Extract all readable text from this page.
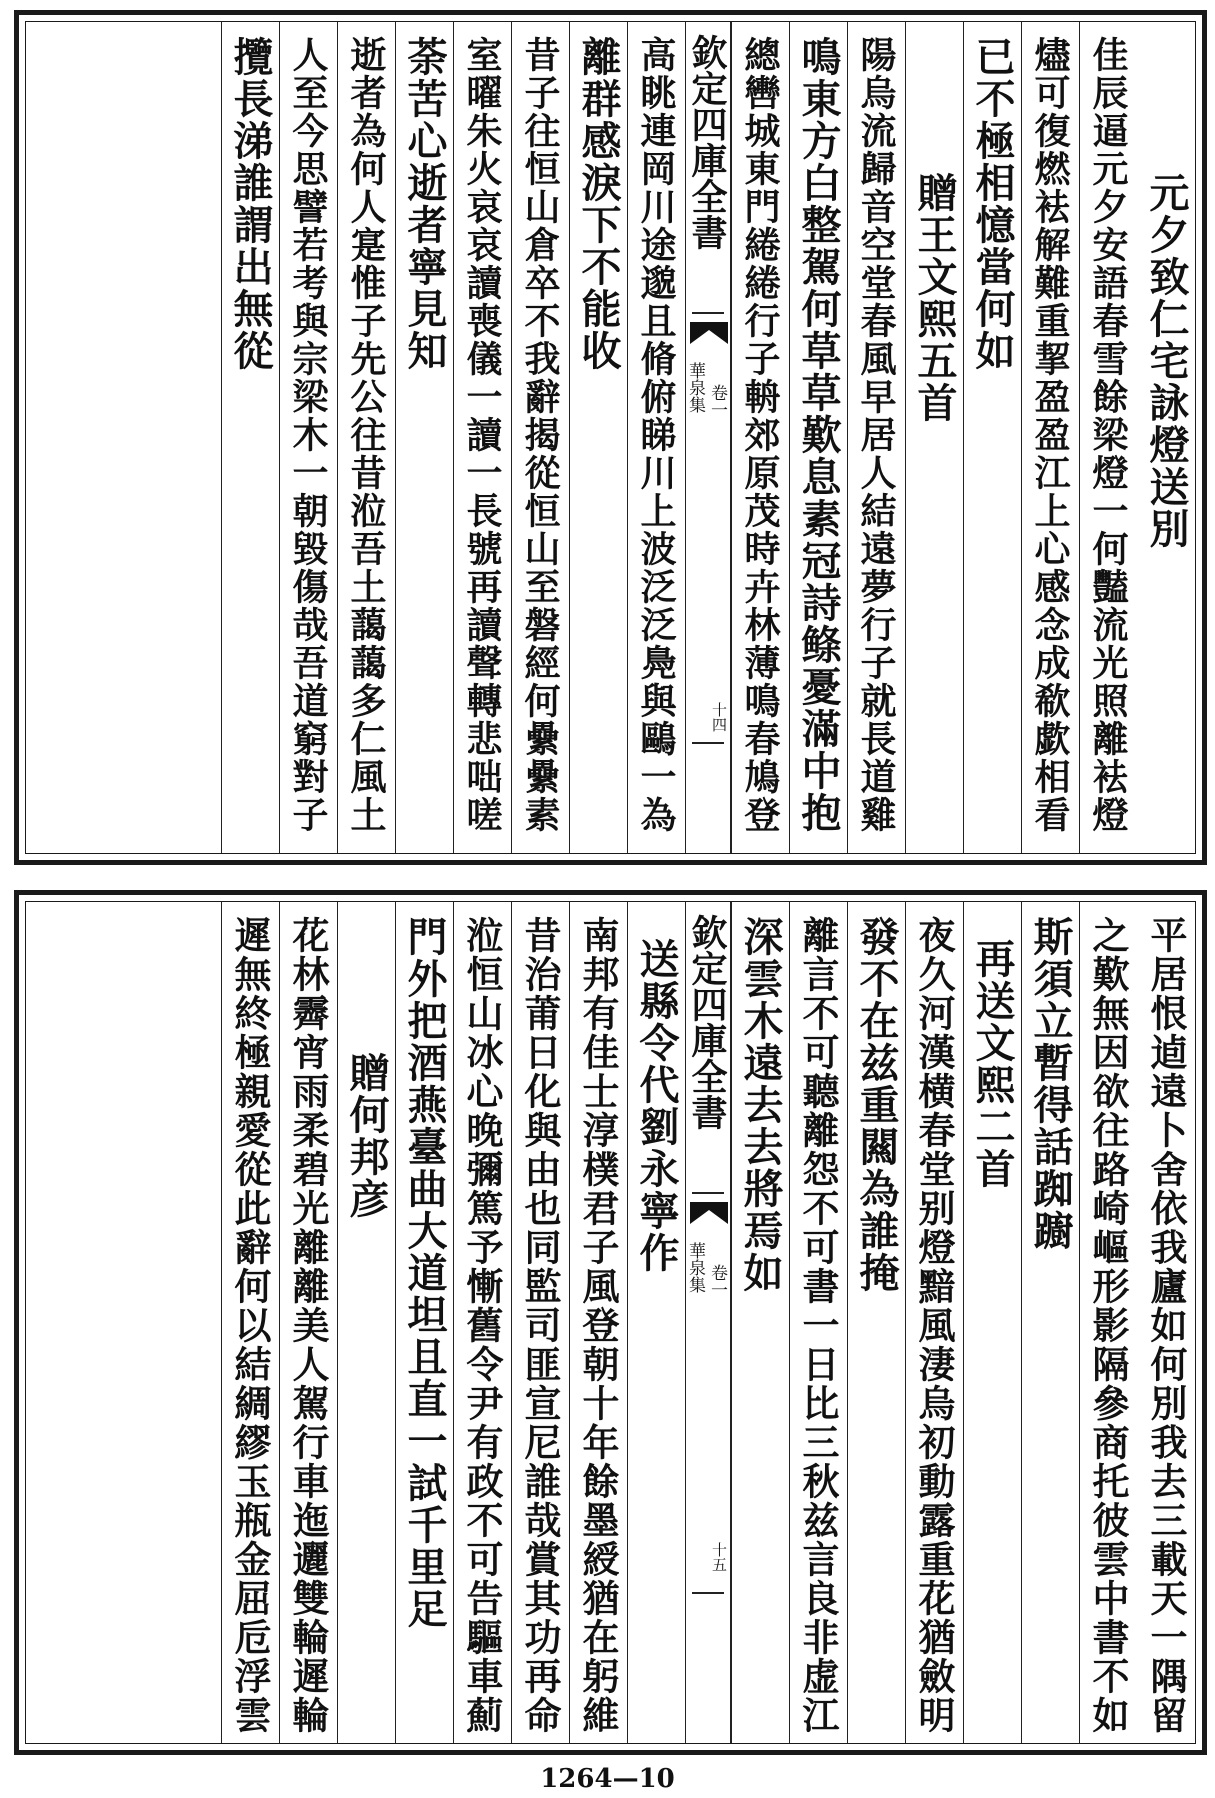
元夕致仁宅詠燈送別
佳辰逼元夕安語春雪餘梁燈一何豔流光照離袪燈
燼可復燃袪解難重挈盈盈江上心感念成欷歔相看
已不極相憶當何如
贈王文熙五首
陽烏流歸音空堂春風早居人結遠夢行子就長道雞
鳴東方白整駕何草草歎息素冠詩鲦憂滿中抱
總轡城東門綣綣行子輈郊原茂時卉林薄鳴春鳩登
欽定四庫全書
華泉集 卷一
十四
高眺連岡川途邈且脩俯睇川上波泛泛鳧與鷗一為
離群感淚下不能收
昔子往恒山倉卒不我辭揭從恒山至磐經何纍纍素
室曜朱火哀哀讀喪儀一讀一長號再讀聲轉悲咄嗟
荼苦心逝者寧見知
逝者為何人寔惟子先公往昔涖吾土藹藹多仁風土
人至今思譬若考與宗梁木一朝毀傷哉吾道窮對子
攬長涕誰謂出無從
平居恨逌遠卜舍依我廬如何別我去三載天一隅留
之歎無因欲往路崎嶇形影隔參商托彼雲中書不如
斯須立暫得話踟躕
再送文熙二首
夜久河漢横春堂别燈黯風淒烏初動露重花猶斂明
發不在兹重闗為誰掩
離言不可聽離怨不可書一日比三秋兹言良非虚江
深雲木遠去去將焉如
欽定四庫全書
華泉集 卷一
十五
送縣令代劉永寧作
南邦有佳士淳樸君子風登朝十年餘墨綬猶在躬維
昔治莆日化與由也同監司匪宣尼誰哉賞其功再命
涖恒山冰心晚彌篤予慚舊令尹有政不可告驅車薊
門外把酒燕臺曲大道坦且直一試千里足
贈何邦彦
花林霽宵雨柔碧光離離美人駕行車迤邐雙輪遲輪
遲無終極親愛從此辭何以結綢繆玉瓶金屈卮浮雲
1264—10
